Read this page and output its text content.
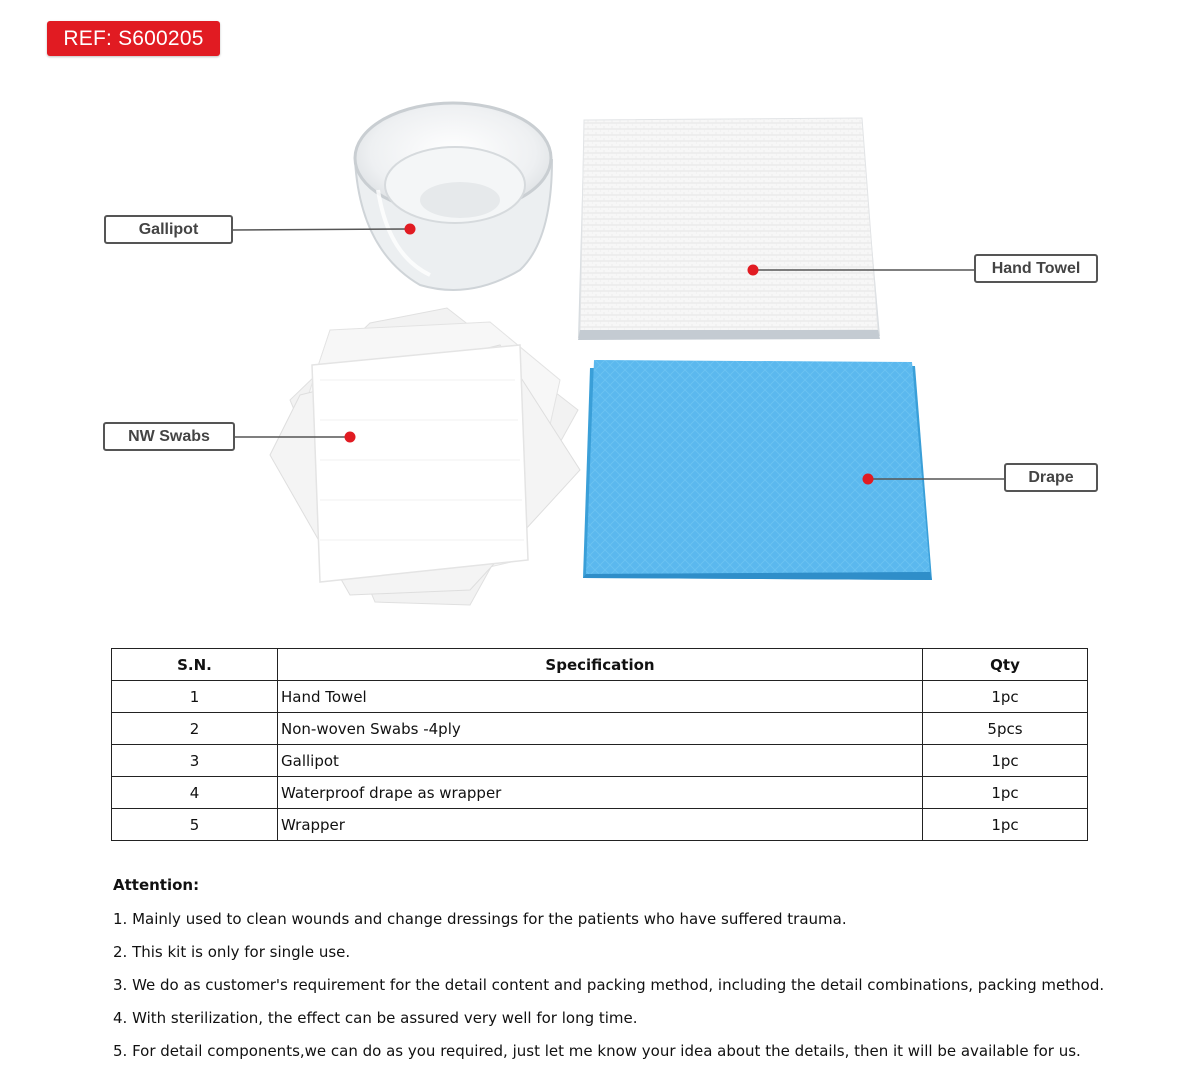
REF: S600205
Gallipot
Hand Towel
NW Swabs
Drape
S.N.	Specification	Qty
1	Hand Towel	1pc
2	Non-woven Swabs -4ply	5pcs
3	Gallipot	1pc
4	Waterproof drape as wrapper	1pc
5	Wrapper	1pc
Attention:
1. Mainly used to clean wounds and change dressings for the patients who have suffered trauma.
2. This kit is only for single use.
3. We do as customer's requirement for the detail content and packing method, including the detail combinations, packing method.
4. With sterilization, the effect can be assured very well for long time.
5. For detail components,we can do as you required, just let me know your idea about the details, then it will be available for us.
